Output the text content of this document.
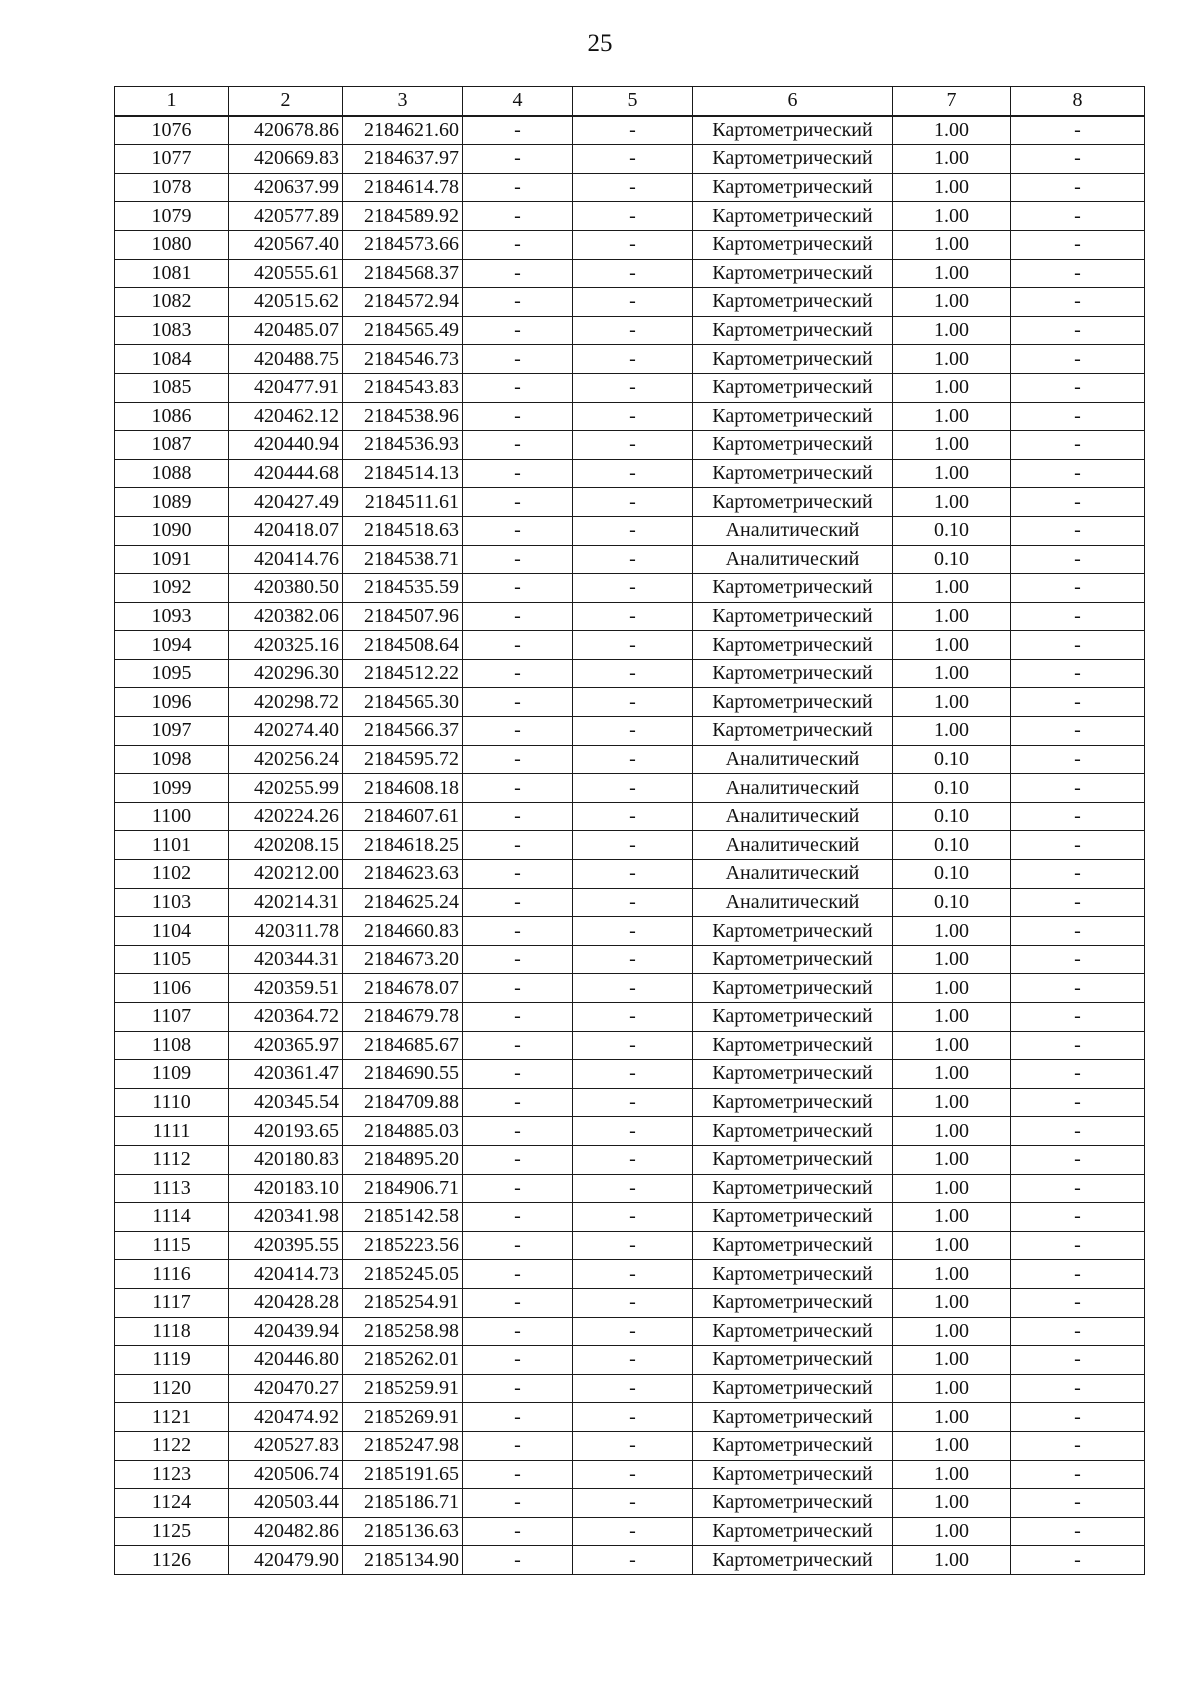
25
1	2	3	4	5	6	7	8
1076	420678.86	2184621.60	-	-	Картометрический	1.00	-
1077	420669.83	2184637.97	-	-	Картометрический	1.00	-
1078	420637.99	2184614.78	-	-	Картометрический	1.00	-
1079	420577.89	2184589.92	-	-	Картометрический	1.00	-
1080	420567.40	2184573.66	-	-	Картометрический	1.00	-
1081	420555.61	2184568.37	-	-	Картометрический	1.00	-
1082	420515.62	2184572.94	-	-	Картометрический	1.00	-
1083	420485.07	2184565.49	-	-	Картометрический	1.00	-
1084	420488.75	2184546.73	-	-	Картометрический	1.00	-
1085	420477.91	2184543.83	-	-	Картометрический	1.00	-
1086	420462.12	2184538.96	-	-	Картометрический	1.00	-
1087	420440.94	2184536.93	-	-	Картометрический	1.00	-
1088	420444.68	2184514.13	-	-	Картометрический	1.00	-
1089	420427.49	2184511.61	-	-	Картометрический	1.00	-
1090	420418.07	2184518.63	-	-	Аналитический	0.10	-
1091	420414.76	2184538.71	-	-	Аналитический	0.10	-
1092	420380.50	2184535.59	-	-	Картометрический	1.00	-
1093	420382.06	2184507.96	-	-	Картометрический	1.00	-
1094	420325.16	2184508.64	-	-	Картометрический	1.00	-
1095	420296.30	2184512.22	-	-	Картометрический	1.00	-
1096	420298.72	2184565.30	-	-	Картометрический	1.00	-
1097	420274.40	2184566.37	-	-	Картометрический	1.00	-
1098	420256.24	2184595.72	-	-	Аналитический	0.10	-
1099	420255.99	2184608.18	-	-	Аналитический	0.10	-
1100	420224.26	2184607.61	-	-	Аналитический	0.10	-
1101	420208.15	2184618.25	-	-	Аналитический	0.10	-
1102	420212.00	2184623.63	-	-	Аналитический	0.10	-
1103	420214.31	2184625.24	-	-	Аналитический	0.10	-
1104	420311.78	2184660.83	-	-	Картометрический	1.00	-
1105	420344.31	2184673.20	-	-	Картометрический	1.00	-
1106	420359.51	2184678.07	-	-	Картометрический	1.00	-
1107	420364.72	2184679.78	-	-	Картометрический	1.00	-
1108	420365.97	2184685.67	-	-	Картометрический	1.00	-
1109	420361.47	2184690.55	-	-	Картометрический	1.00	-
1110	420345.54	2184709.88	-	-	Картометрический	1.00	-
1111	420193.65	2184885.03	-	-	Картометрический	1.00	-
1112	420180.83	2184895.20	-	-	Картометрический	1.00	-
1113	420183.10	2184906.71	-	-	Картометрический	1.00	-
1114	420341.98	2185142.58	-	-	Картометрический	1.00	-
1115	420395.55	2185223.56	-	-	Картометрический	1.00	-
1116	420414.73	2185245.05	-	-	Картометрический	1.00	-
1117	420428.28	2185254.91	-	-	Картометрический	1.00	-
1118	420439.94	2185258.98	-	-	Картометрический	1.00	-
1119	420446.80	2185262.01	-	-	Картометрический	1.00	-
1120	420470.27	2185259.91	-	-	Картометрический	1.00	-
1121	420474.92	2185269.91	-	-	Картометрический	1.00	-
1122	420527.83	2185247.98	-	-	Картометрический	1.00	-
1123	420506.74	2185191.65	-	-	Картометрический	1.00	-
1124	420503.44	2185186.71	-	-	Картометрический	1.00	-
1125	420482.86	2185136.63	-	-	Картометрический	1.00	-
1126	420479.90	2185134.90	-	-	Картометрический	1.00	-
